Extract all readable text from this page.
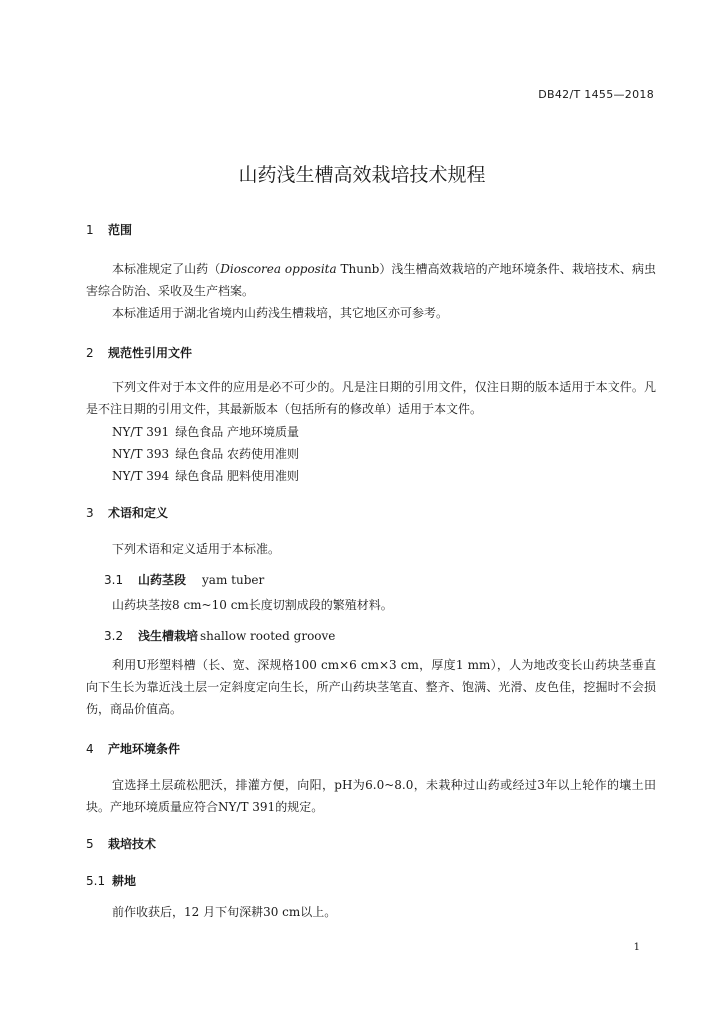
DB42/T 1455—2018
山药浅生槽高效栽培技术规程
1 范围

本标准规定了山药（Dioscorea opposita Thunb）浅生槽高效栽培的产地环境条件、栽培技术、病虫害综合防治、采收及生产档案。

本标准适用于湖北省境内山药浅生槽栽培，其它地区亦可参考。

2 规范性引用文件

下列文件对于本文件的应用是必不可少的。凡是注日期的引用文件，仅注日期的版本适用于本文件。凡是不注日期的引用文件，其最新版本（包括所有的修改单）适用于本文件。

NY/T 391 绿色食品 产地环境质量
NY/T 393 绿色食品 农药使用准则
NY/T 394 绿色食品 肥料使用准则
3 术语和定义

下列术语和定义适用于本标准。

3.1 山药茎段 yam tuber

山药块茎按8 cm~10 cm长度切割成段的繁殖材料。

3.2 浅生槽栽培 shallow rooted groove

利用U形塑料槽（长、宽、深规格100 cm×6 cm×3 cm，厚度1 mm），人为地改变长山药块茎垂直向下生长为靠近浅土层一定斜度定向生长，所产山药块茎笔直、整齐、饱满、光滑、皮色佳，挖掘时不会损伤，商品价值高。

4 产地环境条件

宜选择土层疏松肥沃，排灌方便，向阳，pH为6.0~8.0，未栽种过山药或经过3年以上轮作的壤土田块。产地环境质量应符合NY/T 391的规定。

5 栽培技术
5.1 耕地

前作收获后，12 月下旬深耕30 cm以上。

1
